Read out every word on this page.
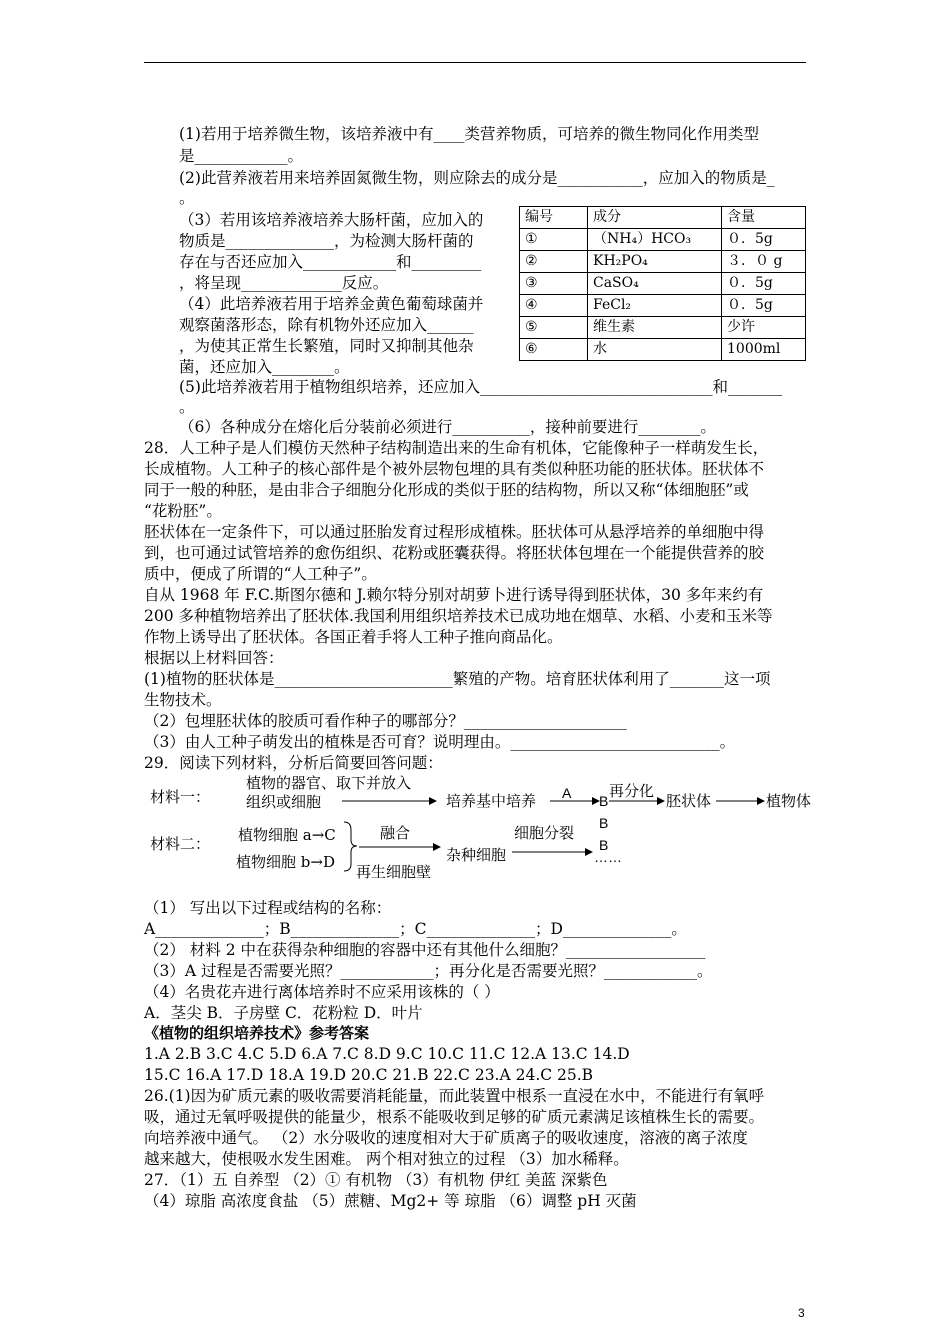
(1)若用于培养微生物，该培养液中有____类营养物质，可培养的微生物同化作用类型
是____________。
(2)此营养液若用来培养固氮微生物，则应除去的成分是___________，应加入的物质是_
。
（3）若用该培养液培养大肠杆菌，应加入的
物质是______________，为检测大肠杆菌的
存在与否还应加入____________和_________
，将呈现_____________反应。
（4）此培养液若用于培养金黄色葡萄球菌并
观察菌落形态，除有机物外还应加入______
，为使其正常生长繁殖，同时又抑制其他杂
菌，还应加入________。
(5)此培养液若用于植物组织培养，还应加入______________________________和_______
。
（6）各种成分在熔化后分装前必须进行__________，接种前要进行________。
编号	成分	含量
①	（NH₄）HCO₃	０．5g
②	KH₂PO₄	３．０ g
③	CaSO₄	０．5g
④	FeCl₂	０．5g
⑤	维生素	少许
⑥	水	1000ml
28．人工种子是人们模仿天然种子结构制造出来的生命有机体，它能像种子一样萌发生长，
长成植物。人工种子的核心部件是个被外层物包埋的具有类似种胚功能的胚状体。胚状体不
同于一般的种胚，是由非合子细胞分化形成的类似于胚的结构物，所以又称“体细胞胚”或
“花粉胚”。
胚状体在一定条件下，可以通过胚胎发育过程形成植株。胚状体可从悬浮培养的单细胞中得
到，也可通过试管培养的愈伤组织、花粉或胚囊获得。将胚状体包埋在一个能提供营养的胶
质中，便成了所谓的“人工种子”。
自从 1968 年 F.C.斯图尔德和 J.赖尔特分别对胡萝卜进行诱导得到胚状体，30 多年来约有
200 多种植物培养出了胚状体.我国利用组织培养技术已成功地在烟草、水稻、小麦和玉米等
作物上诱导出了胚状体。各国正着手将人工种子推向商品化。
根据以上材料回答：
(1)植物的胚状体是_______________________繁殖的产物。培育胚状体利用了_______这一项
生物技术。
（2）包埋胚状体的胶质可看作种子的哪部分？_____________________
（3）由人工种子萌发出的植株是否可育？说明理由。___________________________。
29．阅读下列材料，分析后简要回答问题：
材料一：
植物的器官、取下并放入
组织或细胞	培养基中培养 A B
再分化
胚状体	植物体
材料二： 植物细胞 a→C
植物细胞 b→D
融合
再生细胞壁
杂种细胞
细胞分裂
B
B
……
（1） 写出以下过程或结构的名称：
A______________；B______________；C______________；D______________。
（2） 材料 2 中在获得杂种细胞的容器中还有其他什么细胞？__________________
（3）A 过程是否需要光照？____________；再分化是否需要光照？____________。
（4）名贵花卉进行离体培养时不应采用该株的（ ）
A．茎尖 B．子房壁 C．花粉粒 D．叶片
《植物的组织培养技术》参考答案
1.A 2.B 3.C 4.C 5.D 6.A 7.C 8.D 9.C 10.C 11.C 12.A 13.C 14.D
15.C 16.A 17.D 18.A 19.D 20.C 21.B 22.C 23.A 24.C 25.B
26.(1)因为矿质元素的吸收需要消耗能量，而此装置中根系一直浸在水中，不能进行有氧呼
吸，通过无氧呼吸提供的能量少，根系不能吸收到足够的矿质元素满足该植株生长的需要。
向培养液中通气。 （2）水分吸收的速度相对大于矿质离子的吸收速度，溶液的离子浓度
越来越大，使根吸水发生困难。 两个相对独立的过程 （3）加水稀释。
27．（1）五 自养型 （2）① 有机物 （3）有机物 伊红 美蓝 深紫色
（4）琼脂 高浓度食盐 （5）蔗糖、Mg2+ 等 琼脂 （6）调整 pH 灭菌
3
